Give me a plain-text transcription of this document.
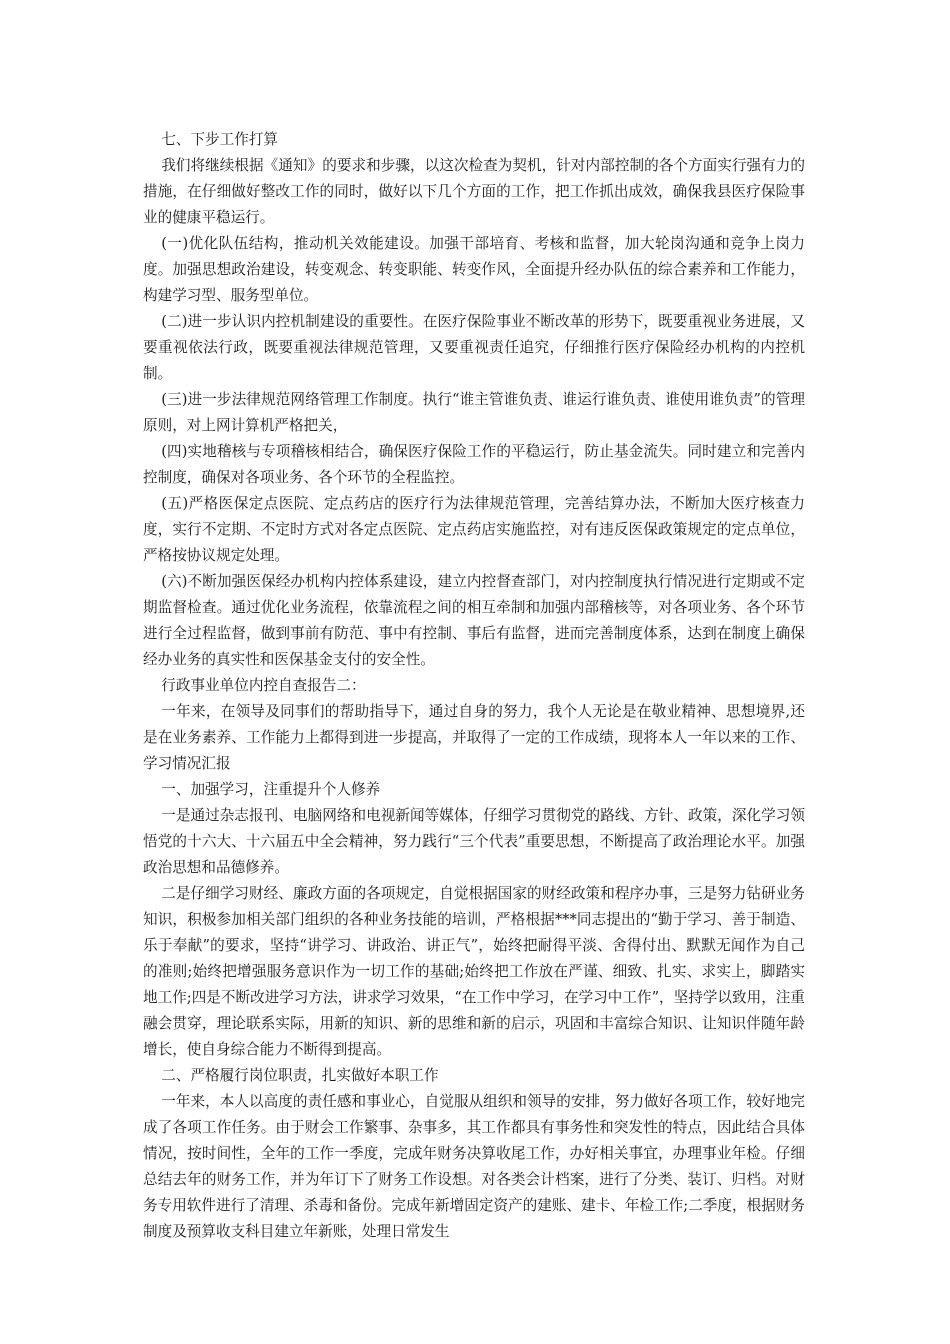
七、下步工作打算

我们将继续根据《通知》的要求和步骤，以这次检查为契机，针对内部控制的各个方面实行强有力的措施，在仔细做好整改工作的同时，做好以下几个方面的工作，把工作抓出成效，确保我县医疗保险事业的健康平稳运行。

(一)优化队伍结构，推动机关效能建设。加强干部培育、考核和监督，加大轮岗沟通和竞争上岗力度。加强思想政治建设，转变观念、转变职能、转变作风，全面提升经办队伍的综合素养和工作能力，构建学习型、服务型单位。

(二)进一步认识内控机制建设的重要性。在医疗保险事业不断改革的形势下，既要重视业务进展，又要重视依法行政，既要重视法律规范管理，又要重视责任追究，仔细推行医疗保险经办机构的内控机制。

(三)进一步法律规范网络管理工作制度。执行“谁主管谁负责、谁运行谁负责、谁使用谁负责”的管理原则，对上网计算机严格把关，

(四)实地稽核与专项稽核相结合，确保医疗保险工作的平稳运行，防止基金流失。同时建立和完善内控制度，确保对各项业务、各个环节的全程监控。

(五)严格医保定点医院、定点药店的医疗行为法律规范管理，完善结算办法，不断加大医疗核查力度，实行不定期、不定时方式对各定点医院、定点药店实施监控，对有违反医保政策规定的定点单位，严格按协议规定处理。

(六)不断加强医保经办机构内控体系建设，建立内控督查部门，对内控制度执行情况进行定期或不定期监督检查。通过优化业务流程，依靠流程之间的相互牵制和加强内部稽核等，对各项业务、各个环节进行全过程监督，做到事前有防范、事中有控制、事后有监督，进而完善制度体系，达到在制度上确保经办业务的真实性和医保基金支付的安全性。

行政事业单位内控自查报告二：

一年来，在领导及同事们的帮助指导下，通过自身的努力，我个人无论是在敬业精神、思想境界,还是在业务素养、工作能力上都得到进一步提高，并取得了一定的工作成绩，现将本人一年以来的工作、学习情况汇报

一、加强学习，注重提升个人修养

一是通过杂志报刊、电脑网络和电视新闻等媒体，仔细学习贯彻党的路线、方针、政策，深化学习领悟党的十六大、十六届五中全会精神，努力践行“三个代表”重要思想，不断提高了政治理论水平。加强政治思想和品德修养。

二是仔细学习财经、廉政方面的各项规定，自觉根据国家的财经政策和程序办事，三是努力钻研业务知识，积极参加相关部门组织的各种业务技能的培训，严格根据***同志提出的“勤于学习、善于制造、乐于奉献”的要求，坚持“讲学习、讲政治、讲正气”，始终把耐得平淡、舍得付出、默默无闻作为自己的准则;始终把增强服务意识作为一切工作的基础;始终把工作放在严谨、细致、扎实、求实上，脚踏实地工作;四是不断改进学习方法，讲求学习效果，“在工作中学习，在学习中工作”，坚持学以致用，注重融会贯穿，理论联系实际，用新的知识、新的思维和新的启示，巩固和丰富综合知识、让知识伴随年龄增长，使自身综合能力不断得到提高。

二、严格履行岗位职责，扎实做好本职工作

一年来，本人以高度的责任感和事业心，自觉服从组织和领导的安排，努力做好各项工作，较好地完成了各项工作任务。由于财会工作繁事、杂事多，其工作都具有事务性和突发性的特点，因此结合具体情况，按时间性，全年的工作一季度，完成年财务决算收尾工作，办好相关事宜，办理事业年检。仔细总结去年的财务工作，并为年订下了财务工作设想。对各类会计档案，进行了分类、装订、归档。对财务专用软件进行了清理、杀毒和备份。完成年新增固定资产的建账、建卡、年检工作;二季度，根据财务制度及预算收支科目建立年新账，处理日常发生
